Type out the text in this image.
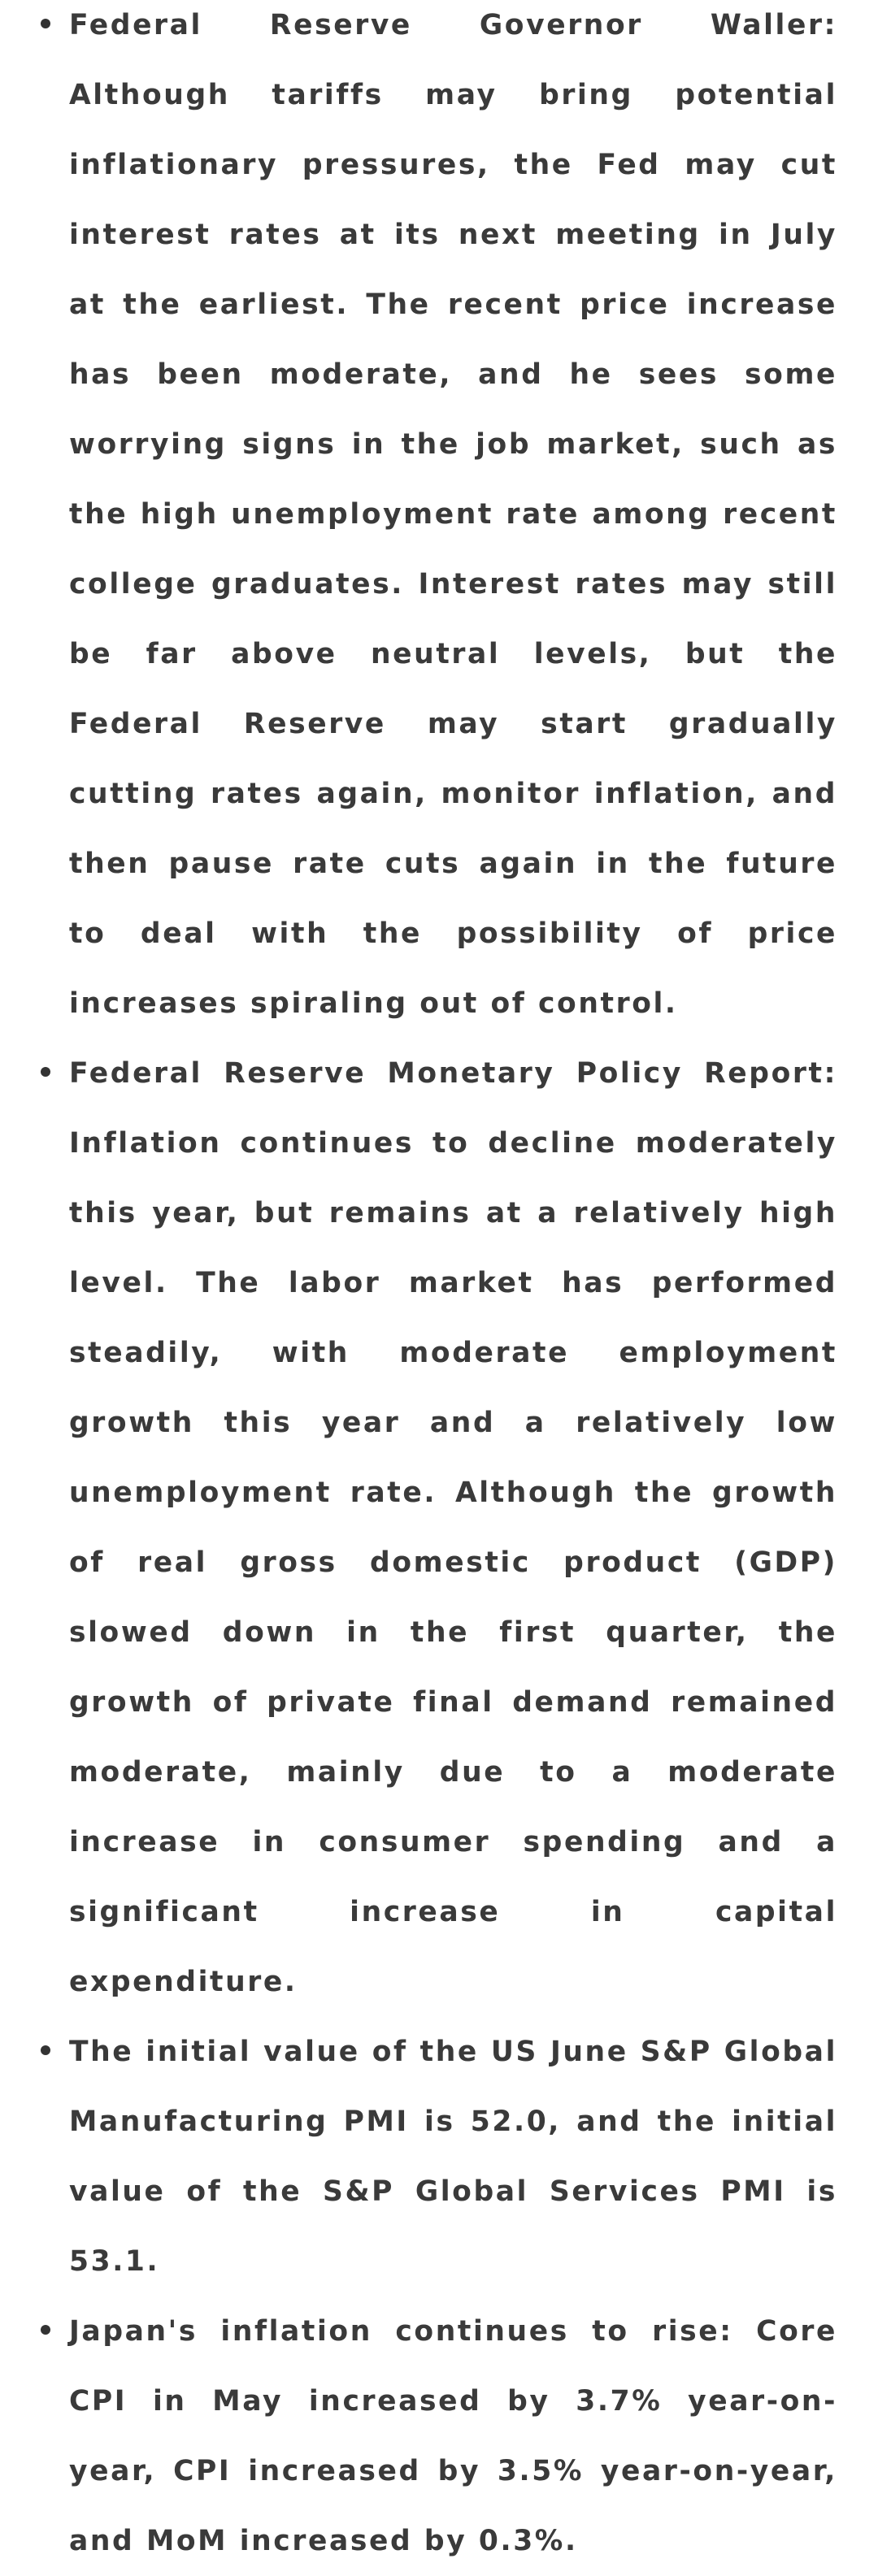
Federal Reserve Governor Waller: Although tariffs may bring potential inflationary pressures, the Fed may cut interest rates at its next meeting in July at the earliest. The recent price increase has been moderate, and he sees some worrying signs in the job market, such as the high unemployment rate among recent college graduates. Interest rates may still be far above neutral levels, but the Federal Reserve may start gradually cutting rates again, monitor inflation, and then pause rate cuts again in the future to deal with the possibility of price increases spiraling out of control.
Federal Reserve Monetary Policy Report: Inflation continues to decline moderately this year, but remains at a relatively high level. The labor market has performed steadily, with moderate employment growth this year and a relatively low unemployment rate. Although the growth of real gross domestic product (GDP) slowed down in the first quarter, the growth of private final demand remained moderate, mainly due to a moderate increase in consumer spending and a significant increase in capital expenditure.
The initial value of the US June S&P Global Manufacturing PMI is 52.0, and the initial value of the S&P Global Services PMI is 53.1.
Japan's inflation continues to rise: Core CPI in May increased by 3.7% year-on-year, CPI increased by 3.5% year-on-year, and MoM increased by 0.3%.
